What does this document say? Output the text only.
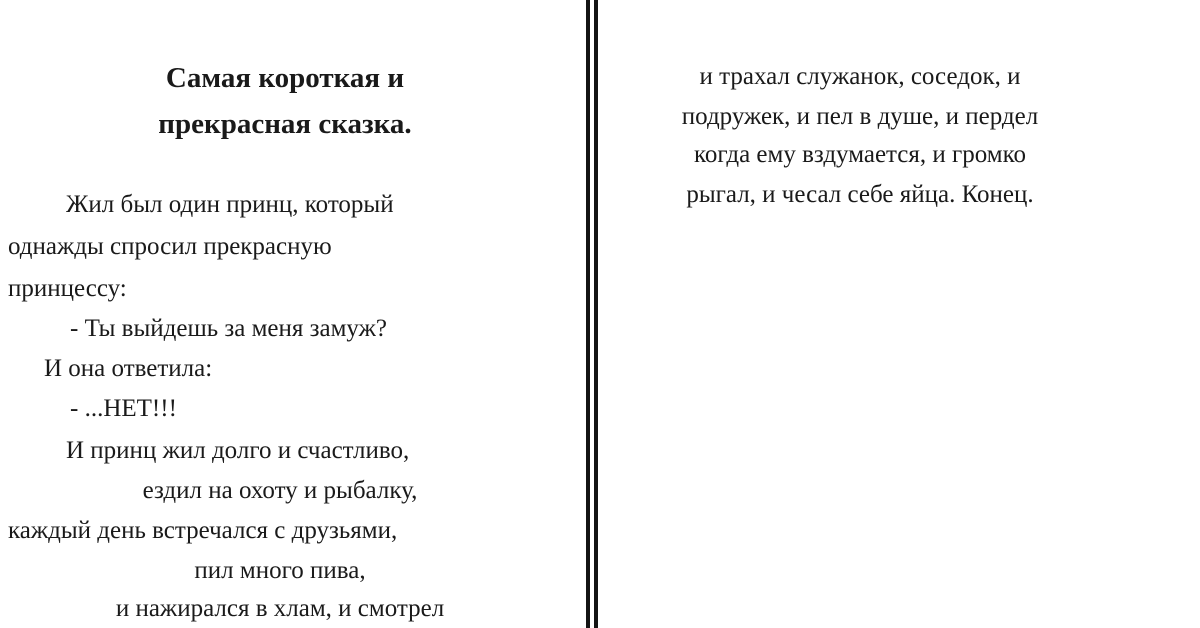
Самая короткая и
прекрасная сказка.

Жил был один принц, который

однажды спросил прекрасную

принцессу:

- Ты выйдешь за меня замуж?

И она ответила:

- ...НЕТ!!!

И принц жил долго и счастливо,

ездил на охоту и рыбалку,

каждый день встречался с друзьями,

пил много пива,

и нажирался в хлам, и смотрел

и трахал служанок, соседок, и

подружек, и пел в душе, и пердел

когда ему вздумается, и громко

рыгал, и чесал себе яйца. Конец.
